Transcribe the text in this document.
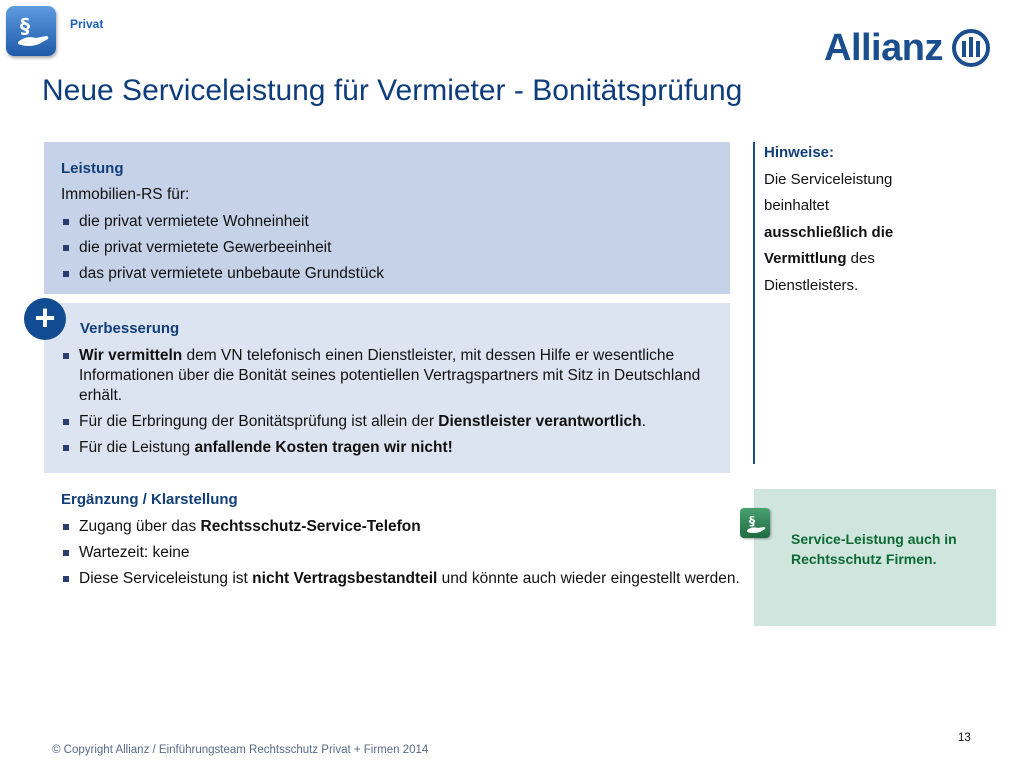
§	Privat
Allianz
Neue Serviceleistung für Vermieter - Bonitätsprüfung
Leistung
Immobilien-RS für:
die privat vermietete Wohneinheit
die privat vermietete Gewerbeeinheit
das privat vermietete unbebaute Grundstück
+	Verbesserung
Wir vermitteln dem VN telefonisch einen Dienstleister, mit dessen Hilfe er wesentliche Informationen über die Bonität seines potentiellen Vertragspartners mit Sitz in Deutschland erhält.
Für die Erbringung der Bonitätsprüfung ist allein der Dienstleister verantwortlich.
Für die Leistung anfallende Kosten tragen wir nicht!
Ergänzung / Klarstellung
Zugang über das Rechtsschutz-Service-Telefon
Wartezeit: keine
Diese Serviceleistung ist nicht Vertragsbestandteil und könnte auch wieder eingestellt werden.
Hinweise:
Die Serviceleistung beinhaltet ausschließlich die Vermittlung des Dienstleisters.
§
Service-Leistung auch in Rechtsschutz Firmen.
© Copyright Allianz / Einführungsteam Rechtsschutz Privat + Firmen 2014
13
